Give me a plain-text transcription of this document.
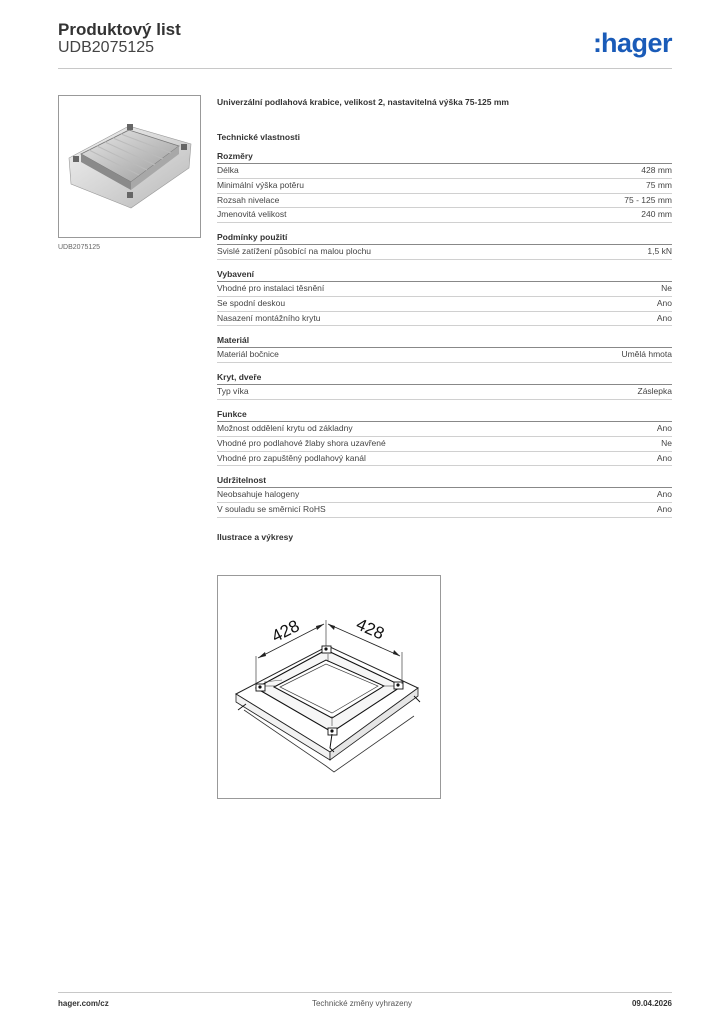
Produktový list
UDB2075125	:hager
UDB2075125
Univerzální podlahová krabice, velikost 2, nastavitelná výška 75-125 mm
Technické vlastnosti
Rozměry
Délka	428 mm
Minimální výška potěru	75 mm
Rozsah nivelace	75 - 125 mm
Jmenovitá velikost	240 mm
Podmínky použití
Svislé zatížení působící na malou plochu	1,5 kN
Vybavení
Vhodné pro instalaci těsnění	Ne
Se spodní deskou	Ano
Nasazení montážního krytu	Ano
Materiál
Materiál bočnice	Umělá hmota
Kryt, dveře
Typ víka	Záslepka
Funkce
Možnost oddělení krytu od základny	Ano
Vhodné pro podlahové žlaby shora uzavřené	Ne
Vhodné pro zapuštěný podlahový kanál	Ano
Udržitelnost
Neobsahuje halogeny	Ano
V souladu se směrnicí RoHS	Ano
Ilustrace a výkresy
428	428
hager.com/cz	Technické změny vyhrazeny	09.04.2026
